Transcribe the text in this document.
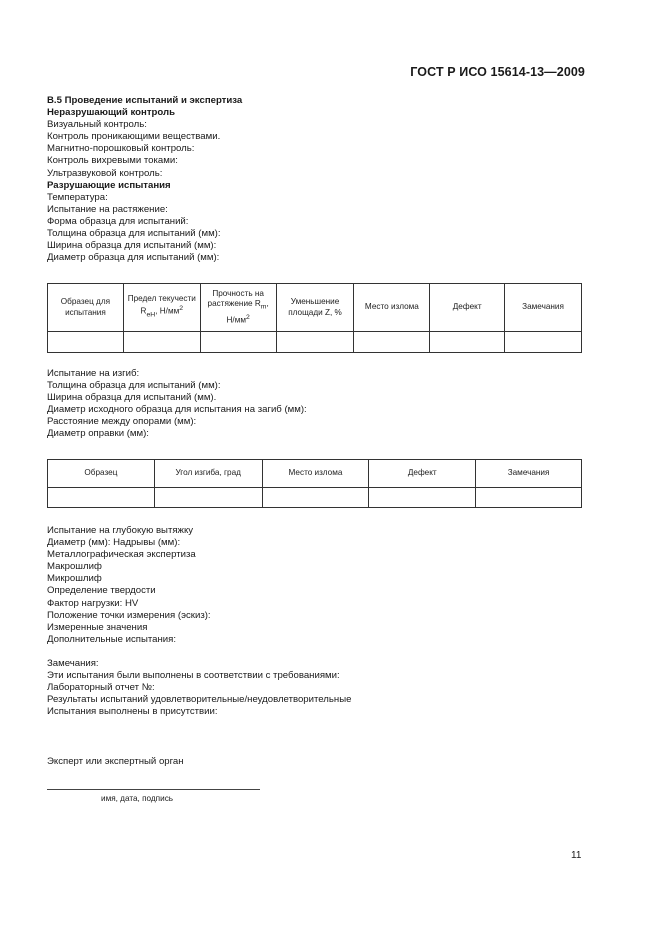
ГОСТ Р ИСО 15614-13—2009
В.5 Проведение испытаний и экспертиза
Неразрушающий контроль
Визуальный контроль:
Контроль проникающими веществами.
Магнитно-порошковый контроль:
Контроль вихревыми токами:
Ультразвуковой контроль:
Разрушающие испытания
Температура:
Испытание на растяжение:
Форма образца для испытаний:
Толщина образца для испытаний (мм):
Ширина образца для испытаний (мм):
Диаметр образца для испытаний (мм):
Образец для испытания	Предел текучести $R_{eH}$, $Н/мм^2$	Прочность на растяжение $R_m$, $Н/мм^2$	Уменьшение площади Z, %	Место излома	Дефект	Замечания

Испытание на изгиб:
Толщина образца для испытаний (мм):
Ширина образца для испытаний (мм).
Диаметр исходного образца для испытания на загиб (мм):
Расстояние между опорами (мм):
Диаметр оправки (мм):
Образец	Угол изгиба, град	Место излома	Дефект	Замечания

Испытание на глубокую вытяжку
Диаметр (мм): Надрывы (мм):
Металлографическая экспертиза
Макрошлиф
Микрошлиф
Определение твердости
Фактор нагрузки: HV
Положение точки измерения (эскиз):
Измеренные значения
Дополнительные испытания:
Замечания:
Эти испытания были выполнены в соответствии с требованиями:
Лабораторный отчет №:
Результаты испытаний удовлетворительные/неудовлетворительные
Испытания выполнены в присутствии:
Эксперт или экспертный орган
имя, дата, подпись
11
